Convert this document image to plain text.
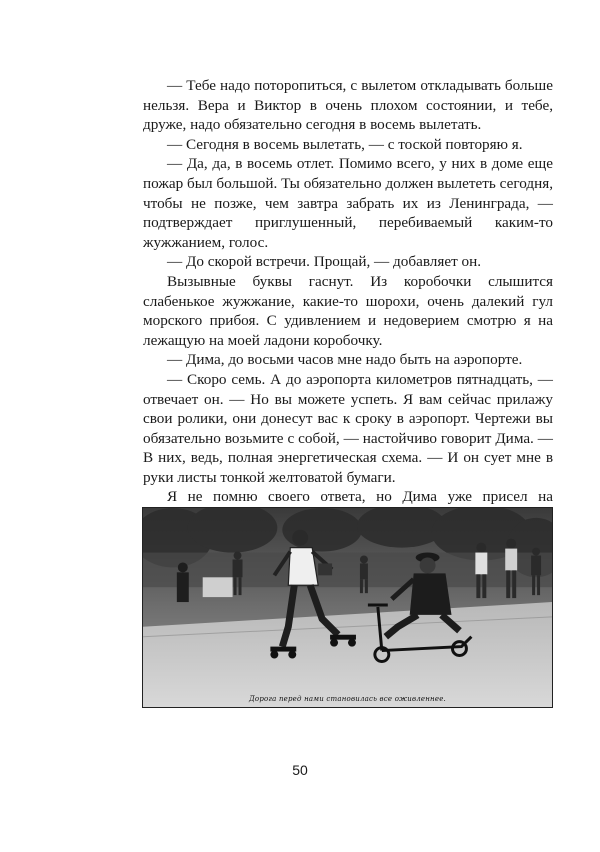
— Тебе надо поторопиться, с вылетом откладывать больше нельзя. Вера и Виктор в очень плохом состоянии, и тебе, друже, надо обязательно сегодня в восемь вылетать.

— Сегодня в восемь вылетать, — с тоской повторяю я.

— Да, да, в восемь отлет. Помимо всего, у них в доме еще пожар был большой. Ты обязательно должен вылететь сегодня, чтобы не позже, чем завтра забрать их из Ленинграда, — подтверждает приглушенный, перебиваемый каким-то жужжанием, голос.

— До скорой встречи. Прощай, — добавляет он.

Вызывные буквы гаснут. Из коробочки слышится слабенькое жужжание, какие-то шорохи, очень далекий гул морского прибоя. С удивлением и недоверием смотрю я на лежащую на моей ладони коробочку.

— Дима, до восьми часов мне надо быть на аэропорте.

— Скоро семь. А до аэропорта километров пятнадцать, — отвечает он. — Но вы можете успеть. Я вам сейчас прилажу свои ролики, они донесут вас к сроку в аэропорт. Чертежи вы обязательно возьмите с собой, — настойчиво говорит Дима. — В них, ведь, полная энергетическая схема. — И он сует мне в руки листы тонкой желтоватой бумаги.

Я не помню своего ответа, но Дима уже присел на

Дорога перед нами становилась все оживленнее.
50
